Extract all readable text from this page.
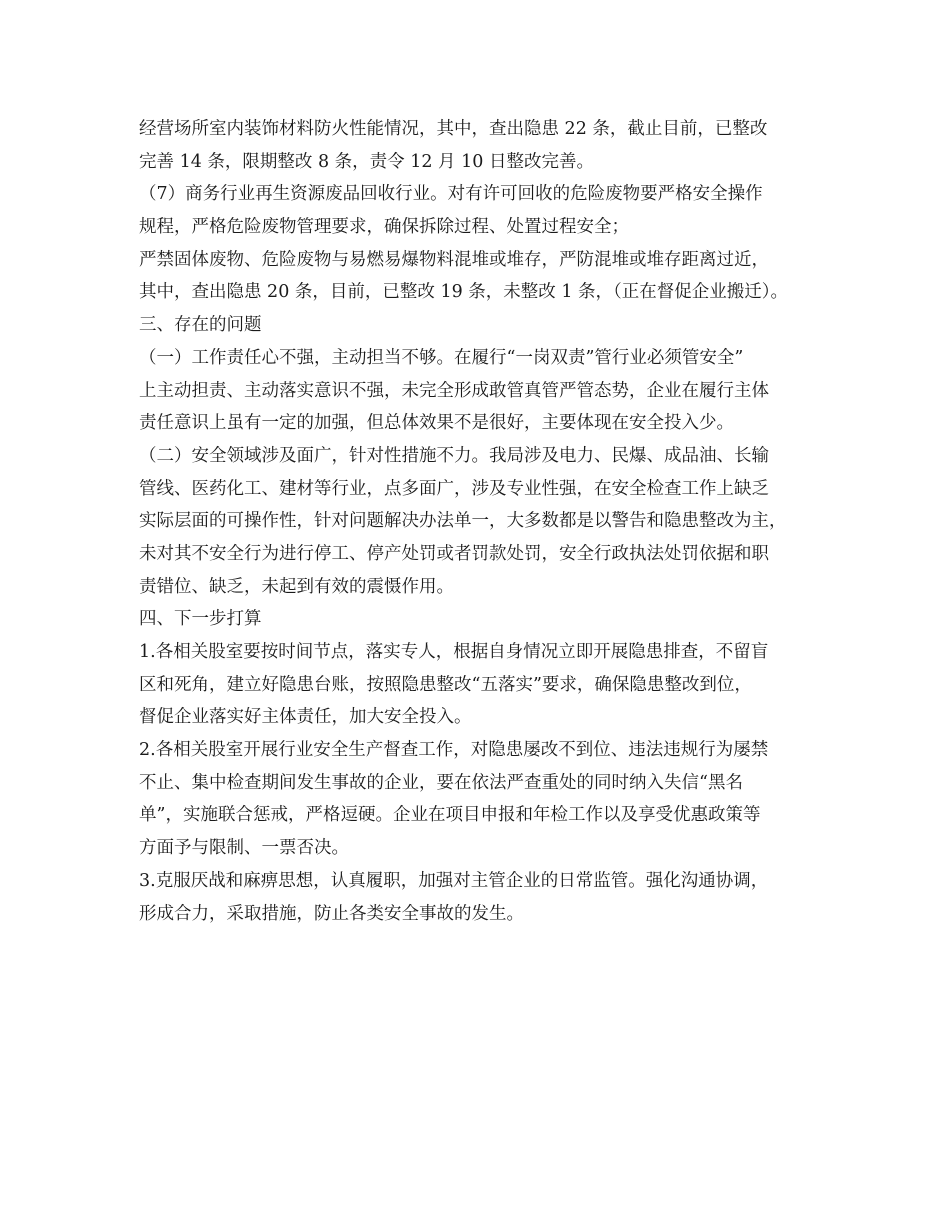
经营场所室内装饰材料防火性能情况，其中，查出隐患 22 条，截止目前，已整改
完善 14 条，限期整改 8 条，责令 12 月 10 日整改完善。
（7）商务行业再生资源废品回收行业。对有许可回收的危险废物要严格安全操作
规程，严格危险废物管理要求，确保拆除过程、处置过程安全；
严禁固体废物、危险废物与易燃易爆物料混堆或堆存，严防混堆或堆存距离过近，
其中，查出隐患 20 条，目前，已整改 19 条，未整改 1 条，（正在督促企业搬迁）。
三、存在的问题
（一）工作责任心不强，主动担当不够。在履行“一岗双责”管行业必须管安全”
上主动担责、主动落实意识不强，未完全形成敢管真管严管态势，企业在履行主体
责任意识上虽有一定的加强，但总体效果不是很好，主要体现在安全投入少。
（二）安全领域涉及面广，针对性措施不力。我局涉及电力、民爆、成品油、长输
管线、医药化工、建材等行业，点多面广，涉及专业性强，在安全检查工作上缺乏
实际层面的可操作性，针对问题解决办法单一，大多数都是以警告和隐患整改为主，
未对其不安全行为进行停工、停产处罚或者罚款处罚，安全行政执法处罚依据和职
责错位、缺乏，未起到有效的震慑作用。
四、下一步打算
1.各相关股室要按时间节点，落实专人，根据自身情况立即开展隐患排查，不留盲
区和死角，建立好隐患台账，按照隐患整改“五落实”要求，确保隐患整改到位，
督促企业落实好主体责任，加大安全投入。
2.各相关股室开展行业安全生产督查工作，对隐患屡改不到位、违法违规行为屡禁
不止、集中检查期间发生事故的企业，要在依法严查重处的同时纳入失信“黑名
单”，实施联合惩戒，严格逗硬。企业在项目申报和年检工作以及享受优惠政策等
方面予与限制、一票否决。
3.克服厌战和麻痹思想，认真履职，加强对主管企业的日常监管。强化沟通协调，
形成合力，采取措施，防止各类安全事故的发生。
